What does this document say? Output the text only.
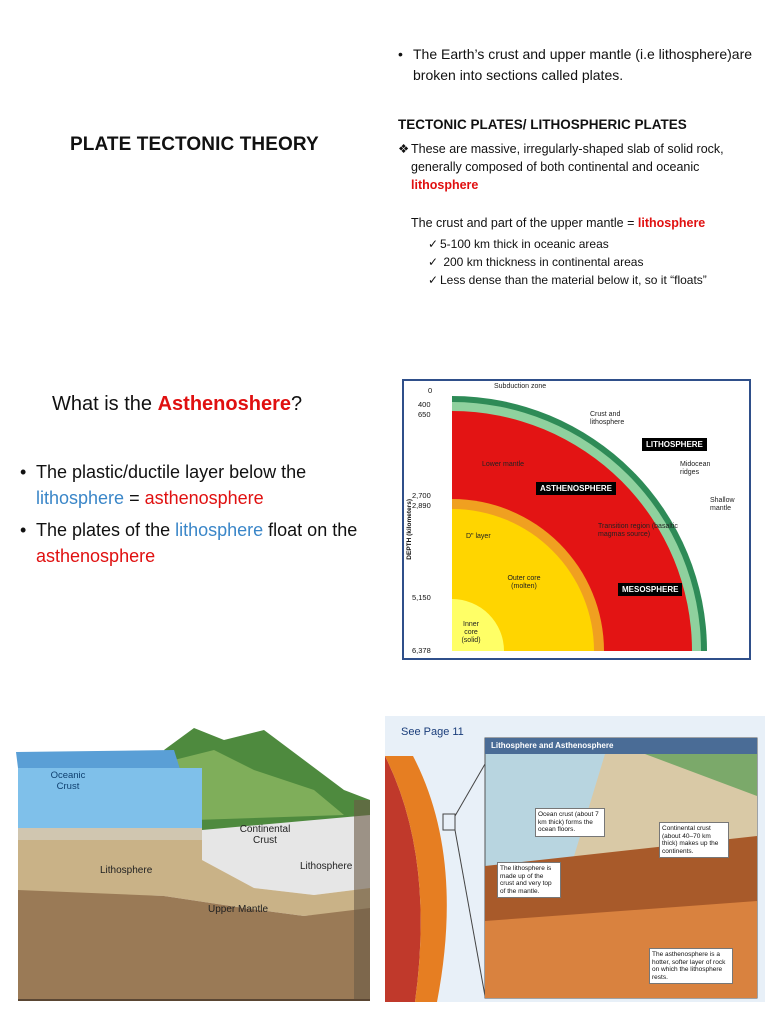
PLATE TECTONIC THEORY
• The Earth’s crust and upper mantle (i.e lithosphere)are broken into sections called plates.
TECTONIC PLATES/ LITHOSPHERIC PLATES
❖ These are massive, irregularly-shaped slab of solid rock, generally composed of both continental and oceanic
lithosphere
The crust and part of the upper mantle = lithosphere
✓ 5-100 km thick in oceanic areas
✓ 200 km thickness in continental areas
✓ Less dense than the material below it, so it “floats”
What is the Asthenoshere?
• The plastic/ductile layer below the lithosphere = asthenosphere
• The plates of the lithosphere float on the asthenosphere
Subduction zone
Crust and lithosphere
LITHOSPHERE
Lower mantle	Midocean ridges
ASTHENOSPHERE
Shallow mantle
D" layer
Transition region (basaltic magmas source)
Outer core (molten)	MESOSPHERE
Inner core (solid)
DEPTH (kilometers)
0
400
650
2,700
2,890
5,150
6,378
Oceanic Crust
Continental Crust
Lithosphere	Lithosphere
Upper Mantle
See Page 11
Lithosphere and Asthenosphere
Ocean crust (about 7 km thick) forms the ocean floors.	Continental crust (about 40–70 km thick) makes up the continents.
The lithosphere is made up of the crust and very top of the mantle.
The asthenosphere is a hotter, softer layer of rock on which the lithosphere rests.
